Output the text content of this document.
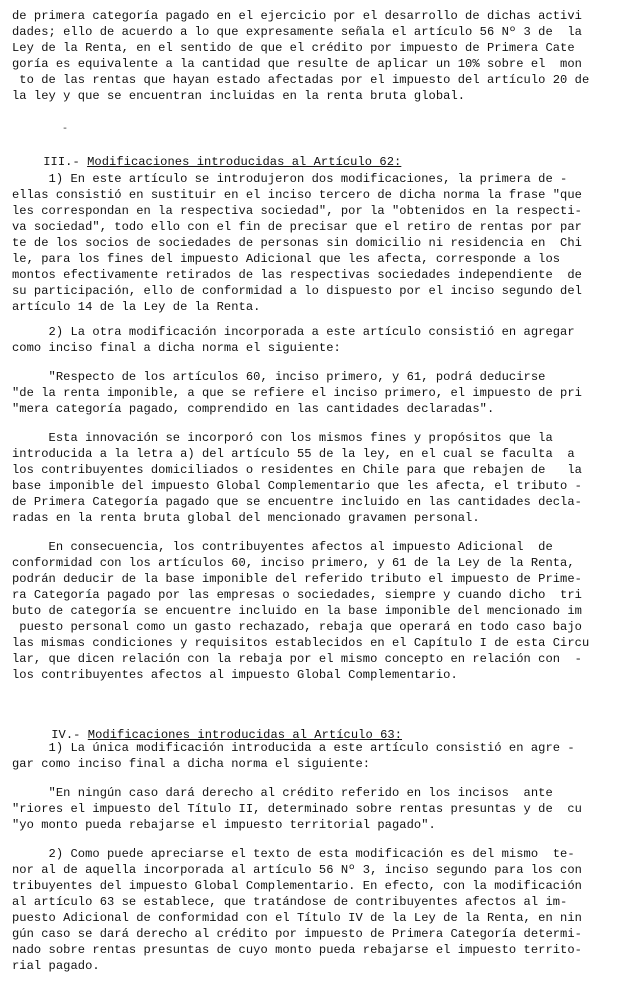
de primera categoría pagado en el ejercicio por el desarrollo de dichas activi
dades; ello de acuerdo a lo que expresamente señala el artículo 56 Nº 3 de  la
Ley de la Renta, en el sentido de que el crédito por impuesto de Primera Cate
goría es equivalente a la cantidad que resulte de aplicar un 10% sobre el  mon
to de las rentas que hayan estado afectadas por el impuesto del artículo 20 de
la ley y que se encuentran incluidas en la renta bruta global.
-

III.- Modificaciones introducidas al Artículo 62:

1) En este artículo se introdujeron dos modificaciones, la primera de -
ellas consistió en sustituir en el inciso tercero de dicha norma la frase "que
les correspondan en la respectiva sociedad", por la "obtenidos en la respecti-
va sociedad", todo ello con el fin de precisar que el retiro de rentas por par
te de los socios de sociedades de personas sin domicilio ni residencia en  Chi
le, para los fines del impuesto Adicional que les afecta, corresponde a los
montos efectivamente retirados de las respectivas sociedades independiente  de
su participación, ello de conformidad a lo dispuesto por el inciso segundo del
artículo 14 de la Ley de la Renta.
2) La otra modificación incorporada a este artículo consistió en agregar
como inciso final a dicha norma el siguiente:
"Respecto de los artículos 60, inciso primero, y 61, podrá deducirse
"de la renta imponible, a que se refiere el inciso primero, el impuesto de pri
"mera categoría pagado, comprendido en las cantidades declaradas".
Esta innovación se incorporó con los mismos fines y propósitos que la
introducida a la letra a) del artículo 55 de la ley, en el cual se faculta  a
los contribuyentes domiciliados o residentes en Chile para que rebajen de   la
base imponible del impuesto Global Complementario que les afecta, el tributo -
de Primera Categoría pagado que se encuentre incluido en las cantidades decla-
radas en la renta bruta global del mencionado gravamen personal.
En consecuencia, los contribuyentes afectos al impuesto Adicional  de
conformidad con los artículos 60, inciso primero, y 61 de la Ley de la Renta,
podrán deducir de la base imponible del referido tributo el impuesto de Prime-
ra Categoría pagado por las empresas o sociedades, siempre y cuando dicho  tri
buto de categoría se encuentre incluido en la base imponible del mencionado im
puesto personal como un gasto rechazado, rebaja que operará en todo caso bajo
las mismas condiciones y requisitos establecidos en el Capítulo I de esta Circu
lar, que dicen relación con la rebaja por el mismo concepto en relación con  -
los contribuyentes afectos al impuesto Global Complementario.

IV.- Modificaciones introducidas al Artículo 63:

1) La única modificación introducida a este artículo consistió en agre -
gar como inciso final a dicha norma el siguiente:
"En ningún caso dará derecho al crédito referido en los incisos  ante
"riores el impuesto del Título II, determinado sobre rentas presuntas y de  cu
"yo monto pueda rebajarse el impuesto territorial pagado".
2) Como puede apreciarse el texto de esta modificación es del mismo  te-
nor al de aquella incorporada al artículo 56 Nº 3, inciso segundo para los con
tribuyentes del impuesto Global Complementario. En efecto, con la modificación
al artículo 63 se establece, que tratándose de contribuyentes afectos al im-
puesto Adicional de conformidad con el Título IV de la Ley de la Renta, en nin
gún caso se dará derecho al crédito por impuesto de Primera Categoría determi-
nado sobre rentas presuntas de cuyo monto pueda rebajarse el impuesto territo-
rial pagado.
